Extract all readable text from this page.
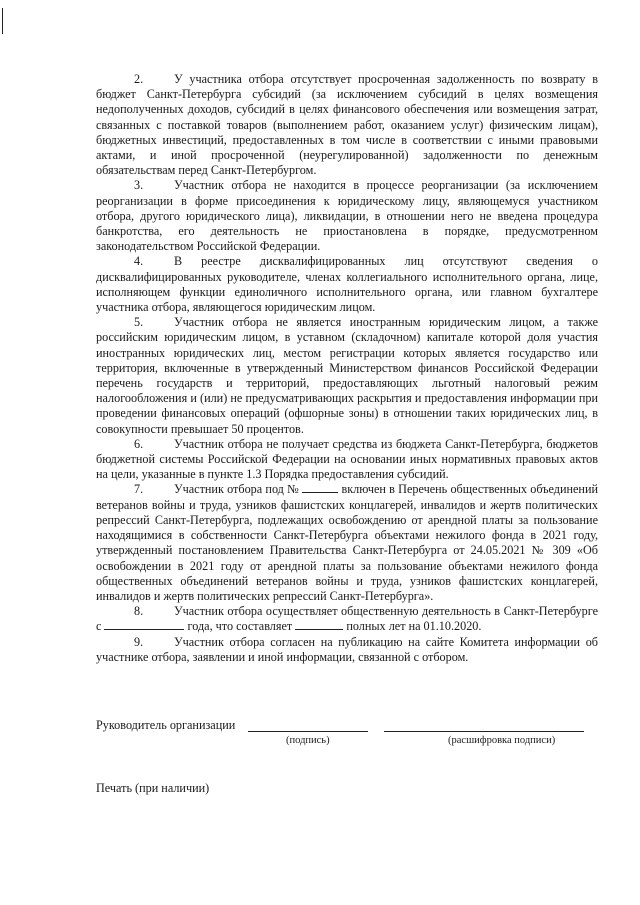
2.	У участника отбора отсутствует просроченная задолженность по возврату в бюджет Санкт-Петербурга субсидий (за исключением субсидий в целях возмещения недополученных доходов, субсидий в целях финансового обеспечения или возмещения затрат, связанных с поставкой товаров (выполнением работ, оказанием услуг) физическим лицам), бюджетных инвестиций, предоставленных в том числе в соответствии с иными правовыми актами, и иной просроченной (неурегулированной) задолженности по денежным обязательствам перед Санкт-Петербургом.

3.	Участник отбора не находится в процессе реорганизации (за исключением реорганизации в форме присоединения к юридическому лицу, являющемуся участником отбора, другого юридического лица), ликвидации, в отношении него не введена процедура банкротства, его деятельность не приостановлена в порядке, предусмотренном законодательством Российской Федерации.

4.	В реестре дисквалифицированных лиц отсутствуют сведения о дисквалифицированных руководителе, членах коллегиального исполнительного органа, лице, исполняющем функции единоличного исполнительного органа, или главном бухгалтере участника отбора, являющегося юридическим лицом.

5.	Участник отбора не является иностранным юридическим лицом, а также российским юридическим лицом, в уставном (складочном) капитале которой доля участия иностранных юридических лиц, местом регистрации которых является государство или территория, включенные в утвержденный Министерством финансов Российской Федерации перечень государств и территорий, предоставляющих льготный налоговый режим налогообложения и (или) не предусматривающих раскрытия и предоставления информации при проведении финансовых операций (офшорные зоны) в отношении таких юридических лиц, в совокупности превышает 50 процентов.

6.	Участник отбора не получает средства из бюджета Санкт-Петербурга, бюджетов бюджетной системы Российской Федерации на основании иных нормативных правовых актов на цели, указанные в пункте 1.3 Порядка предоставления субсидий.

7.	Участник отбора под №	включен в Перечень общественных объединений ветеранов войны и труда, узников фашистских концлагерей, инвалидов и жертв политических репрессий Санкт-Петербурга, подлежащих освобождению от арендной платы за пользование находящимися в собственности Санкт-Петербурга объектами нежилого фонда в 2021 году, утвержденный постановлением Правительства Санкт-Петербурга от 24.05.2021 № 309 «Об освобождении в 2021 году от арендной платы за пользование объектами нежилого фонда общественных объединений ветеранов войны и труда, узников фашистских концлагерей, инвалидов и жертв политических репрессий Санкт-Петербурга».

8.	Участник отбора осуществляет общественную деятельность в Санкт-Петербурге с	года, что составляет	полных лет на 01.10.2020.

9.	Участник отбора согласен на публикацию на сайте Комитета информации об участнике отбора, заявлении и иной информации, связанной с отбором.

Руководитель организации
(подпись)	(расшифровка подписи)
Печать (при наличии)
